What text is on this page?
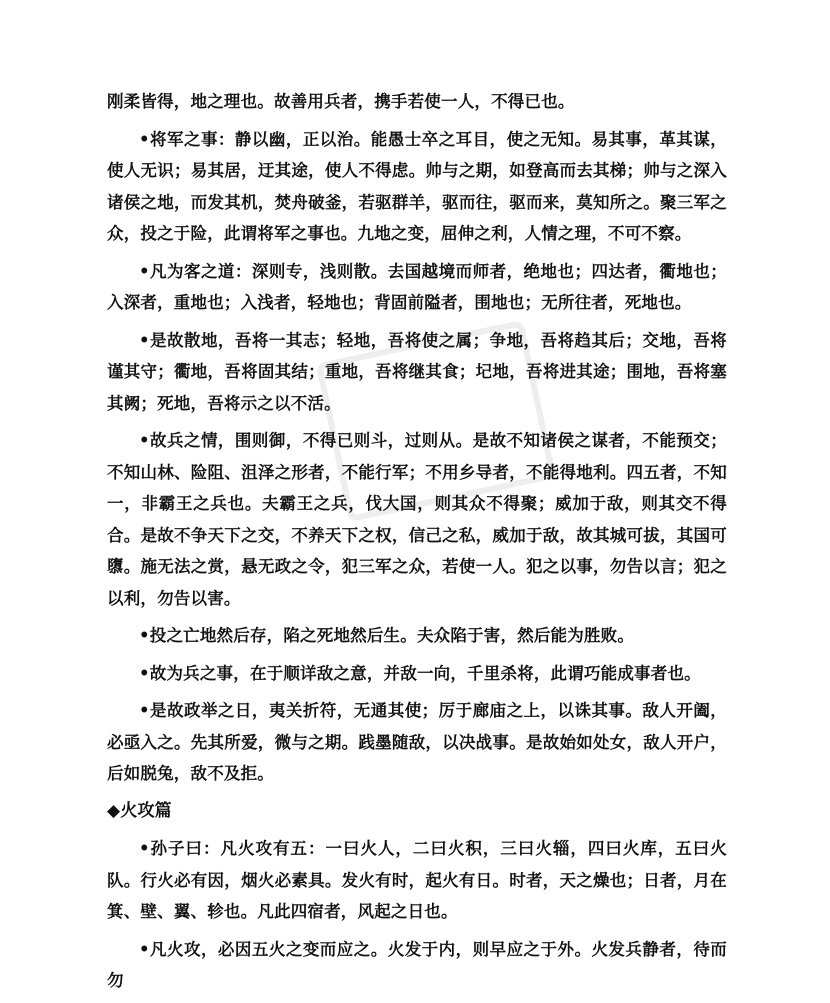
刚柔皆得，地之理也。故善用兵者，携手若使一人，不得已也。

•将军之事：静以幽，正以治。能愚士卒之耳目，使之无知。易其事，革其谋，使人无识；易其居，迂其途，使人不得虑。帅与之期，如登高而去其梯；帅与之深入诸侯之地，而发其机，焚舟破釜，若驱群羊，驱而往，驱而来，莫知所之。聚三军之众，投之于险，此谓将军之事也。九地之变，屈伸之利，人情之理，不可不察。

•凡为客之道：深则专，浅则散。去国越境而师者，绝地也；四达者，衢地也；入深者，重地也；入浅者，轻地也；背固前隘者，围地也；无所往者，死地也。

•是故散地，吾将一其志；轻地，吾将使之属；争地，吾将趋其后；交地，吾将谨其守；衢地，吾将固其结；重地，吾将继其食；圮地，吾将进其途；围地，吾将塞其阙；死地，吾将示之以不活。

•故兵之情，围则御，不得已则斗，过则从。是故不知诸侯之谋者，不能预交；不知山林、险阻、沮泽之形者，不能行军；不用乡导者，不能得地利。四五者，不知一，非霸王之兵也。夫霸王之兵，伐大国，则其众不得聚；威加于敌，则其交不得合。是故不争天下之交，不养天下之权，信己之私，威加于敌，故其城可拔，其国可隳。施无法之赏，悬无政之令，犯三军之众，若使一人。犯之以事，勿告以言；犯之以利，勿告以害。

•投之亡地然后存，陷之死地然后生。夫众陷于害，然后能为胜败。

•故为兵之事，在于顺详敌之意，并敌一向，千里杀将，此谓巧能成事者也。

•是故政举之日，夷关折符，无通其使；厉于廊庙之上，以诛其事。敌人开阖，必亟入之。先其所爱，微与之期。践墨随敌，以决战事。是故始如处女，敌人开户，后如脱兔，敌不及拒。

◆火攻篇

•孙子曰：凡火攻有五：一曰火人，二曰火积，三曰火辎，四曰火库，五曰火队。行火必有因，烟火必素具。发火有时，起火有日。时者，天之燥也；日者，月在箕、壁、翼、轸也。凡此四宿者，风起之日也。

•凡火攻，必因五火之变而应之。火发于内，则早应之于外。火发兵静者，待而勿
